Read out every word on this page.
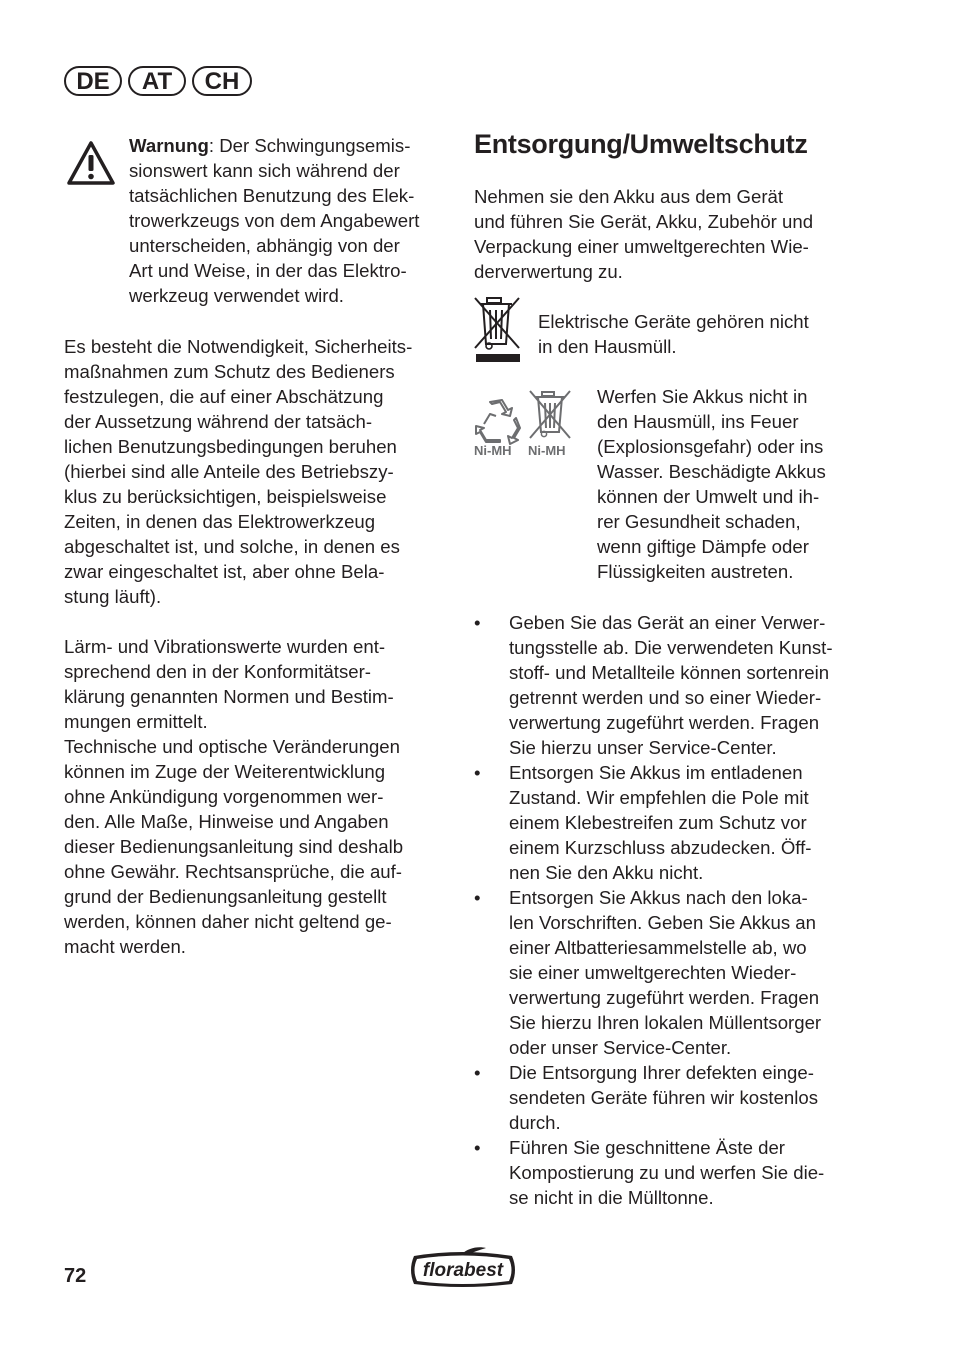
DE	AT	CH
Warnung: Der Schwingungsemis-
sionswert kann sich während der
tatsächlichen Benutzung des Elek-
trowerkzeugs von dem Angabewert
unterscheiden, abhängig von der
Art und Weise, in der das Elektro-
werkzeug verwendet wird.
Es besteht die Notwendigkeit, Sicherheits-
maßnahmen zum Schutz des Bedieners
festzulegen, die auf einer Abschätzung
der Aussetzung während der tatsäch-
lichen Benutzungsbedingungen beruhen
(hierbei sind alle Anteile des Betriebszy-
klus zu berücksichtigen, beispielsweise
Zeiten, in denen das Elektrowerkzeug
abgeschaltet ist, und solche, in denen es
zwar eingeschaltet ist, aber ohne Bela-
stung läuft).
Lärm- und Vibrationswerte wurden ent-
sprechend den in der Konformitätser-
klärung genannten Normen und Bestim-
mungen ermittelt.
Technische und optische Veränderungen
können im Zuge der Weiterentwicklung
ohne Ankündigung vorgenommen wer-
den. Alle Maße, Hinweise und Angaben
dieser Bedienungsanleitung sind deshalb
ohne Gewähr. Rechtsansprüche, die auf-
grund der Bedienungsanleitung gestellt
werden, können daher nicht geltend ge-
macht werden.
Entsorgung/Umweltschutz
Nehmen sie den Akku aus dem Gerät
und führen Sie Gerät, Akku, Zubehör und
Verpackung einer umweltgerechten Wie-
derverwertung zu.
Elektrische Geräte gehören nicht
in den Hausmüll.
Ni-MH Ni-MH
Werfen Sie Akkus nicht in
den Hausmüll, ins Feuer
(Explosionsgefahr) oder ins
Wasser. Beschädigte Akkus
können der Umwelt und ih-
rer Gesundheit schaden,
wenn giftige Dämpfe oder
Flüssigkeiten austreten.
•	Geben Sie das Gerät an einer Verwer-
tungsstelle ab. Die verwendeten Kunst-
stoff- und Metallteile können sortenrein
getrennt werden und so einer Wieder-
verwertung zugeführt werden. Fragen
Sie hierzu unser Service-Center.
•	Entsorgen Sie Akkus im entladenen
Zustand. Wir empfehlen die Pole mit
einem Klebestreifen zum Schutz vor
einem Kurzschluss abzudecken. Öff-
nen Sie den Akku nicht.
•	Entsorgen Sie Akkus nach den loka-
len Vorschriften. Geben Sie Akkus an
einer Altbatteriesammelstelle ab, wo
sie einer umweltgerechten Wieder-
verwertung zugeführt werden. Fragen
Sie hierzu Ihren lokalen Müllentsorger
oder unser Service-Center.
•	Die Entsorgung Ihrer defekten einge-
sendeten Geräte führen wir kostenlos
durch.
•	Führen Sie geschnittene Äste der
Kompostierung zu und werfen Sie die-
se nicht in die Mülltonne.
72	florabest
